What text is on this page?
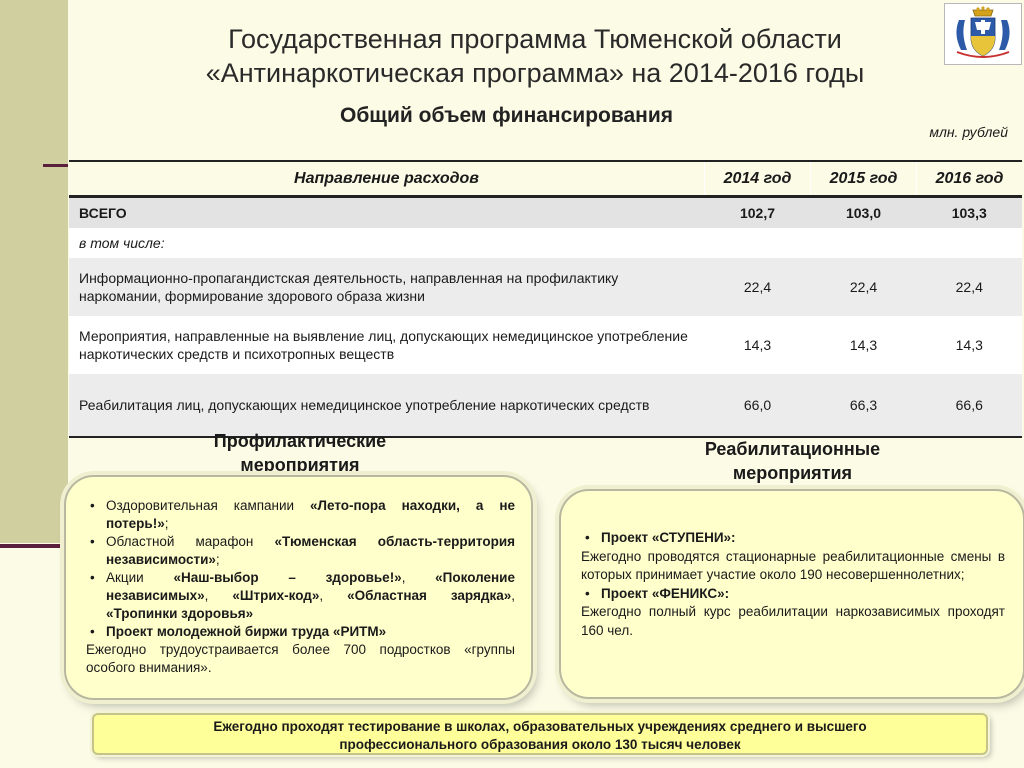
Государственная программа Тюменской области
«Антинаркотическая программа» на 2014-2016 годы
Общий объем финансирования
млн. рублей
Направление расходов	2014 год	2015 год	2016 год
ВСЕГО	102,7	103,0	103,3
в том числе:			
Информационно-пропагандистская деятельность, направленная на профилактику наркомании, формирование здорового образа жизни	22,4	22,4	22,4
Мероприятия, направленные на выявление лиц, допускающих немедицинское употребление наркотических средств и психотропных веществ	14,3	14,3	14,3
Реабилитация лиц, допускающих немедицинское употребление наркотических средств	66,0	66,3	66,6
Профилактические мероприятия
Реабилитационные мероприятия
• Оздоровительная кампании «Лето-пора находки, а не потерь!»;
• Областной марафон «Тюменская область-территория независимости»;
• Акции «Наш-выбор – здоровье!», «Поколение независимых», «Штрих-код», «Областная зарядка», «Тропинки здоровья»
• Проект молодежной биржи труда «РИТМ»

Ежегодно трудоустраивается более 700 подростков «группы особого внимания».

• Проект «СТУПЕНИ»:

Ежегодно проводятся стационарные реабилитационные смены в которых принимает участие около 190 несовершеннолетних;

• Проект «ФЕНИКС»:

Ежегодно полный курс реабилитации наркозависимых проходят 160 чел.

Ежегодно проходят тестирование в школах, образовательных учреждениях среднего и высшего
профессионального образования около 130 тысяч человек
